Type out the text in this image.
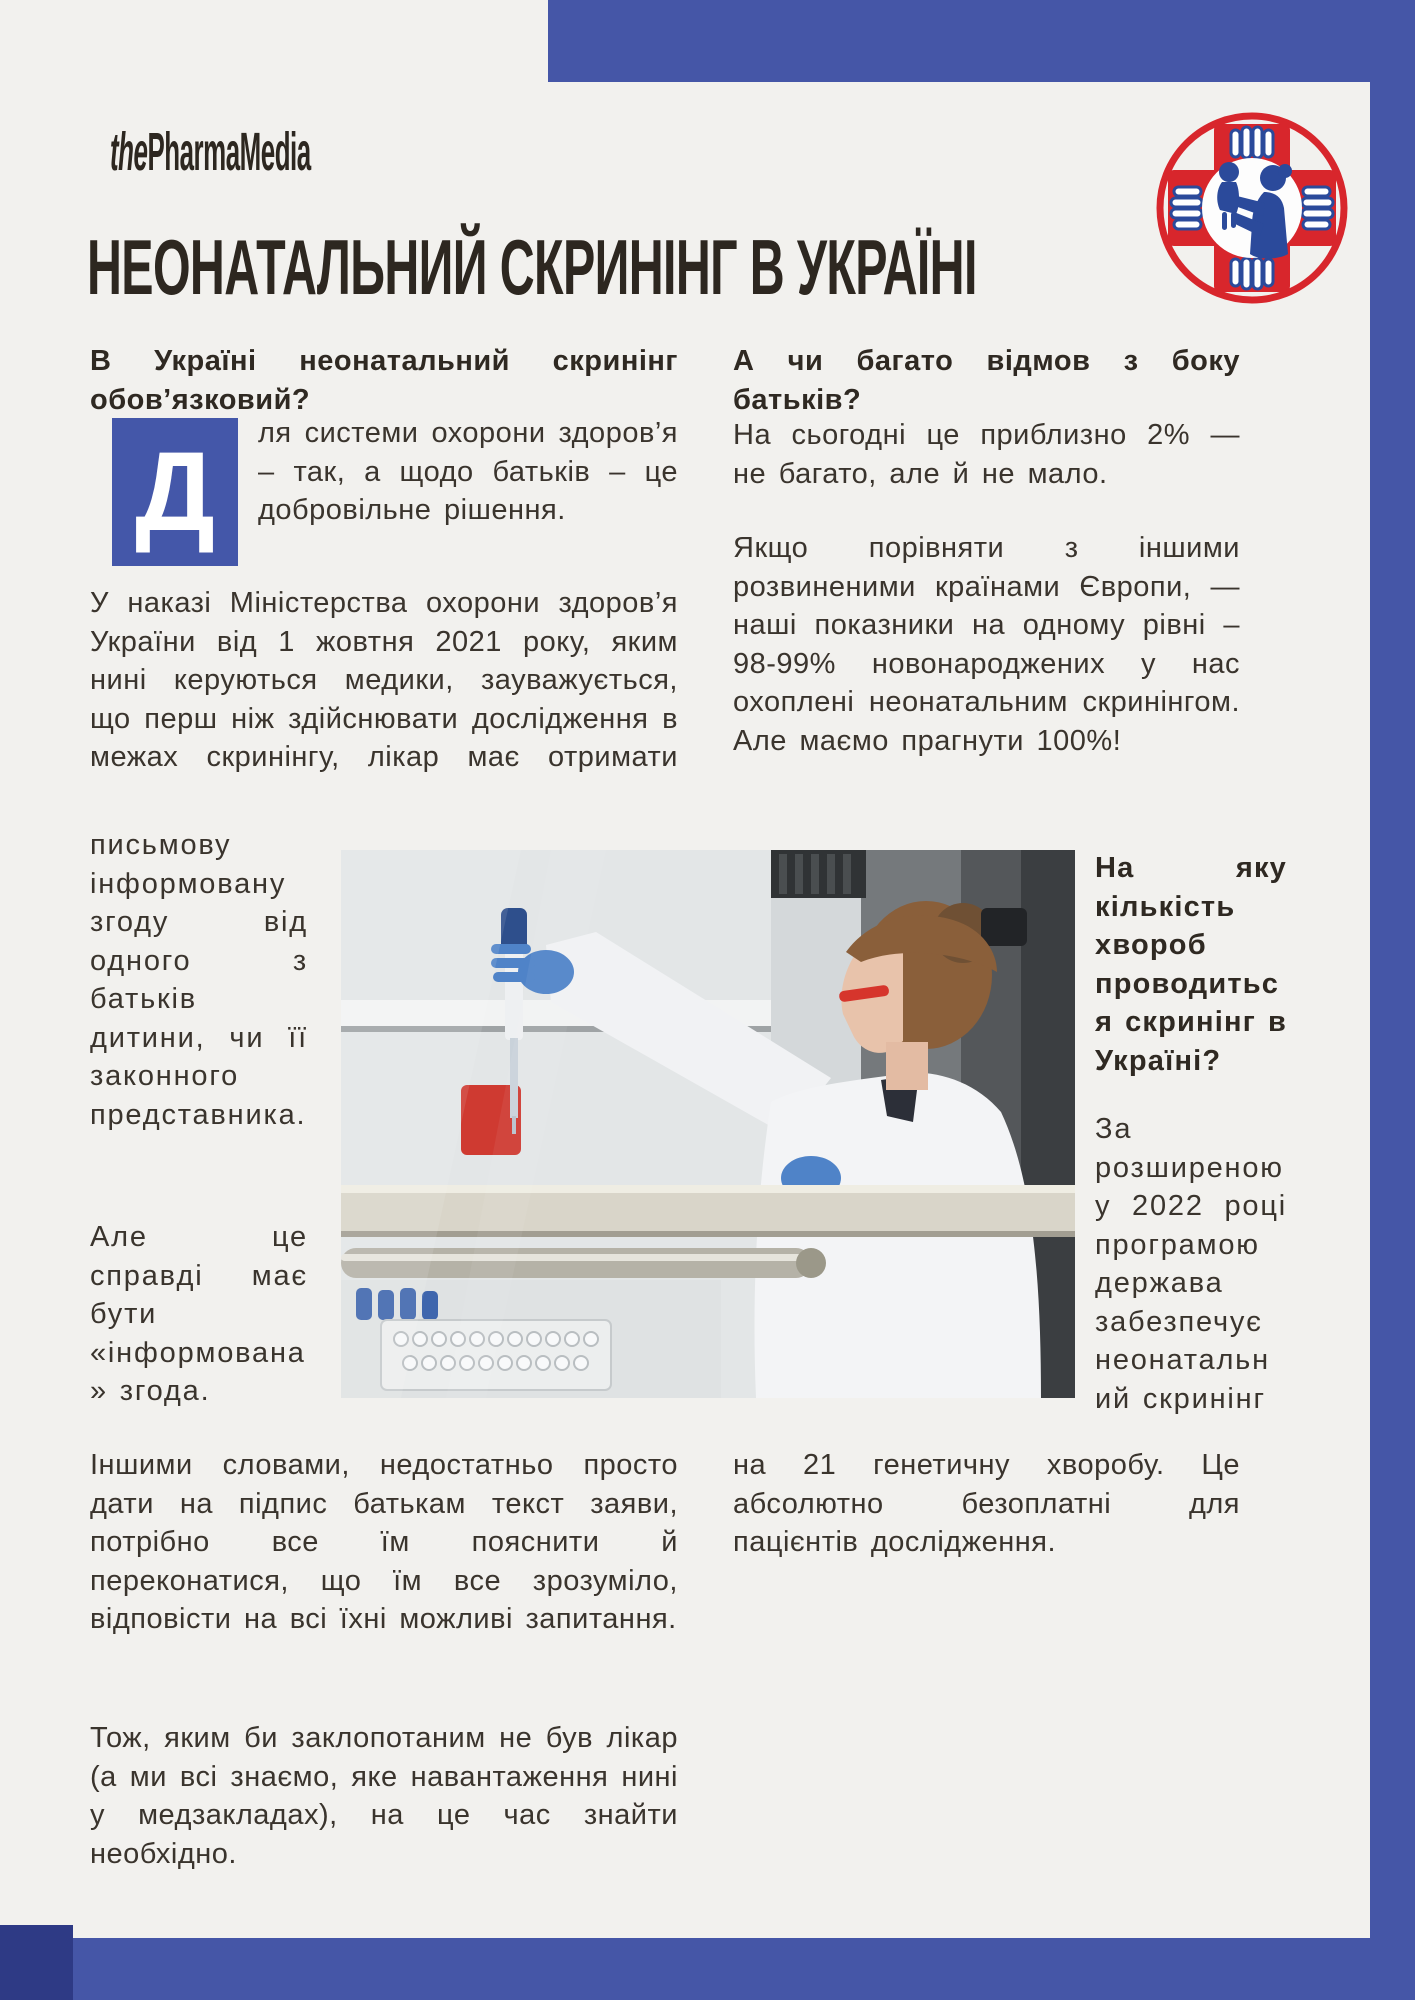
thePharmaMedia
НЕОНАТАЛЬНИЙ СКРИНІНГ В УКРАЇНІ

В Україні неонатальний скринінг обов’язковий?

Д	ля системи охорони здоров’я – так, а щодо батьків – це добровільне рішення.

У наказі Міністерства охорони здоров’я України від 1 жовтня 2021 року, яким нині керуються медики, зауважується, що перш ніж здійснювати дослідження в межах скринінгу, лікар має отримати

письмову інформовану згоду від одного з батьків дитини, чи її законного представника.

Але це справді має бути «інформована» згода.

Іншими словами, недостатньо просто дати на підпис батькам текст заяви, потрібно все їм пояснити й переконатися, що їм все зрозуміло, відповісти на всі їхні можливі запитання.

Тож, яким би заклопотаним не був лікар (а ми всі знаємо, яке навантаження нині у медзакладах), на це час знайти необхідно.

А чи багато відмов з боку батьків?

На сьогодні це приблизно 2% — не багато, але й не мало.

Якщо порівняти з іншими розвиненими країнами Європи, — наші показники на одному рівні – 98-99% новонароджених у нас охоплені неонатальним скринінгом. Але маємо прагнути 100%!

На яку кількість хвороб проводиться скринінг в Україні?

За розширеною у 2022 році програмою держава забезпечує неонатальний скринінг

на 21 генетичну хворобу. Це абсолютно безоплатні для пацієнтів дослідження.
